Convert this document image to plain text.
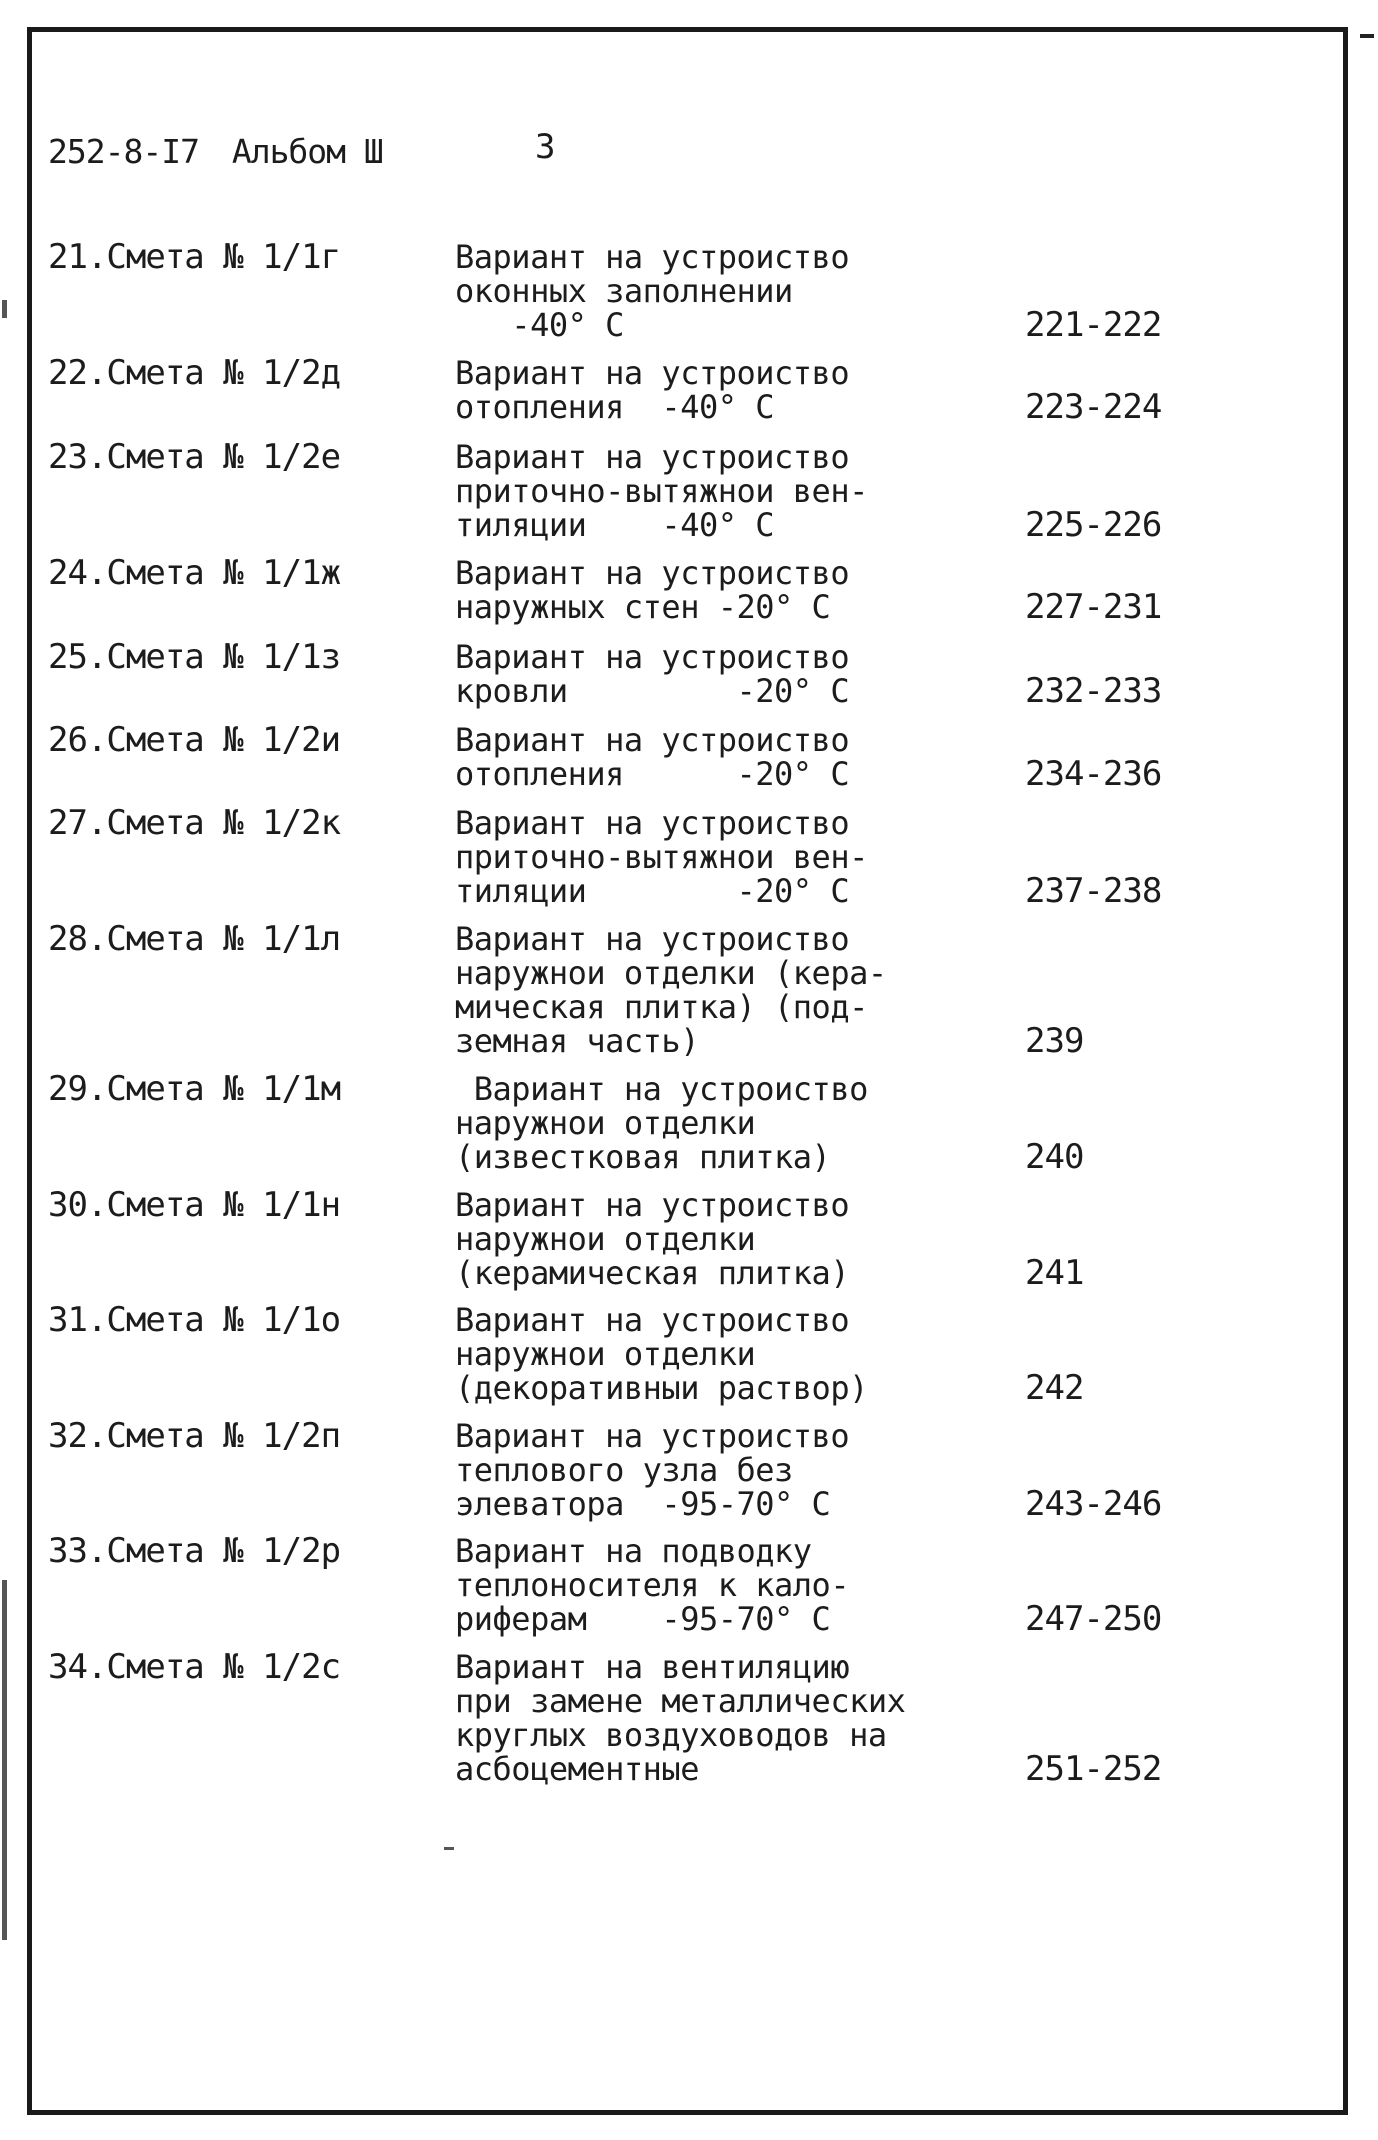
252-8-I7 Альбом Ш	3
21.Смета № 1/1г	Вариант на устроиство
оконных заполнении
-40° С	221-222
22.Смета № 1/2д	Вариант на устроиство
отопления  -40° С	223-224
23.Смета № 1/2е	Вариант на устроиство
приточно-вытяжнои вен-
тиляции    -40° С	225-226
24.Смета № 1/1ж	Вариант на устроиство
наружных стен -20° С	227-231
25.Смета № 1/1з	Вариант на устроиство
кровли         -20° С	232-233
26.Смета № 1/2и	Вариант на устроиство
отопления      -20° С	234-236
27.Смета № 1/2к	Вариант на устроиство
приточно-вытяжнои вен-
тиляции        -20° С	237-238
28.Смета № 1/1л	Вариант на устроиство
наружнои отделки (кера-
мическая плитка) (под-
земная часть)	239
29.Смета № 1/1м	Вариант на устроиство
наружнои отделки
(известковая плитка)	240
30.Смета № 1/1н	Вариант на устроиство
наружнои отделки
(керамическая плитка)	241
31.Смета № 1/1о	Вариант на устроиство
наружнои отделки
(декоративныи раствор)	242
32.Смета № 1/2п	Вариант на устроиство
теплового узла без
элеватора  -95-70° С	243-246
33.Смета № 1/2р	Вариант на подводку
теплоносителя к кало-
риферам    -95-70° С	247-250
34.Смета № 1/2с	Вариант на вентиляцию
при замене металлических
круглых воздуховодов на
асбоцементные	251-252
